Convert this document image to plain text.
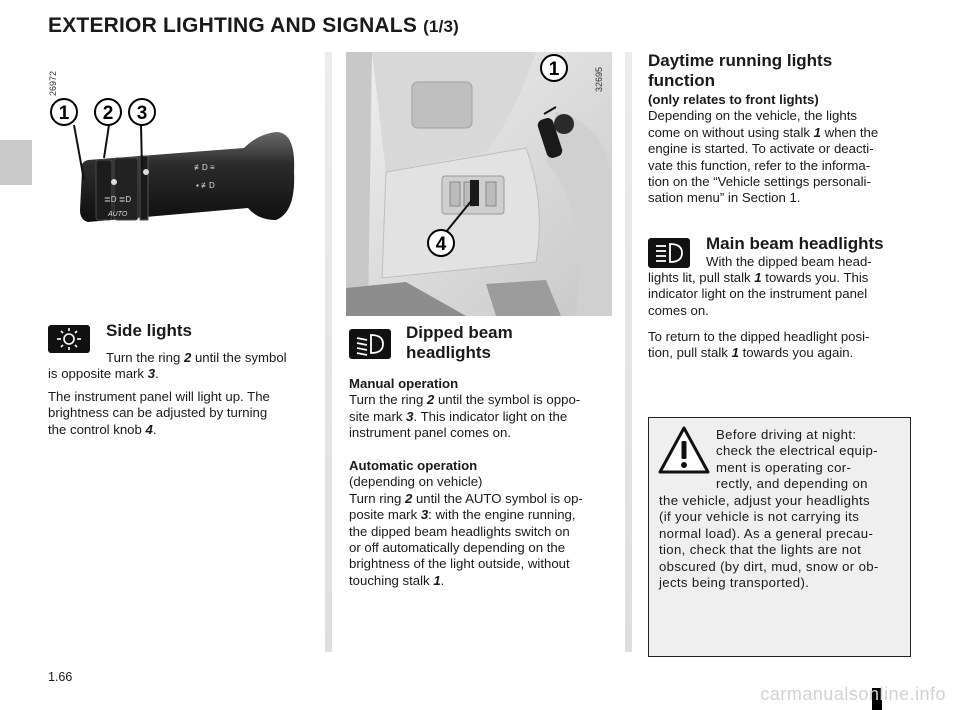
EXTERIOR LIGHTING AND SIGNALS (1/3)
26972
≣D ≣D
AUTO
≢D ≡
▪ ≢D
1 2 3
1
4
32695
Side lights
Turn the ring 2 until the symbol
is opposite mark 3.
The instrument panel will light up. The
brightness can be adjusted by turning
the control knob 4.
Dipped beam
headlights
Manual operation
Turn the ring 2 until the symbol is oppo-
site mark 3. This indicator light on the
instrument panel comes on.
Automatic operation
(depending on vehicle)
Turn ring 2 until the AUTO symbol is op-
posite mark 3: with the engine running,
the dipped beam headlights switch on
or off automatically depending on the
brightness of the light outside, without
touching stalk 1.
Daytime running lights
function
(only relates to front lights)
Depending on the vehicle, the lights
come on without using stalk 1 when the
engine is started. To activate or deacti-
vate this function, refer to the informa-
tion on the “Vehicle settings personali-
sation menu” in Section 1.
Main beam headlights
With the dipped beam head-
lights lit, pull stalk 1 towards you. This
indicator light on the instrument panel
comes on.
To return to the dipped headlight posi-
tion, pull stalk 1 towards you again.
Before driving at night:
check the electrical equip-
ment is operating cor-
rectly, and depending on
the vehicle, adjust your headlights
(if your vehicle is not carrying its
normal load). As a general precau-
tion, check that the lights are not
obscured (by dirt, mud, snow or ob-
jects being transported).
1.66
carmanualsonline.info
